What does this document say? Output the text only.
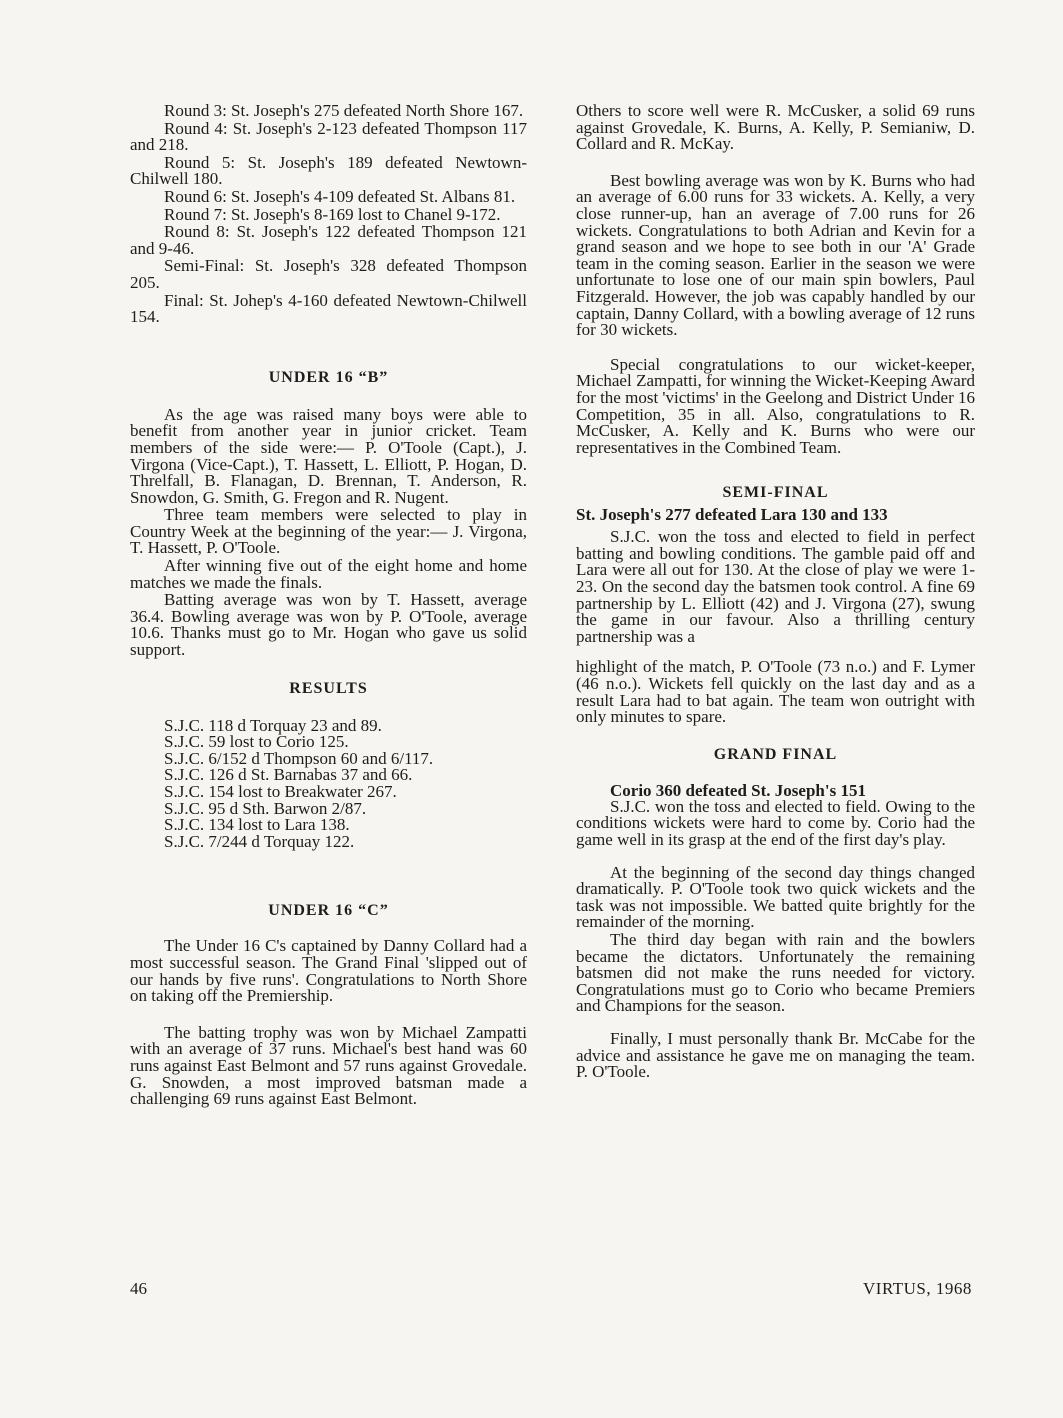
Round 3: St. Joseph's 275 defeated North Shore 167.

Round 4: St. Joseph's 2-123 defeated Thompson 117 and 218.

Round 5: St. Joseph's 189 defeated Newtown-Chilwell 180.

Round 6: St. Joseph's 4-109 defeated St. Albans 81.

Round 7: St. Joseph's 8-169 lost to Chanel 9-172.

Round 8: St. Joseph's 122 defeated Thompson 121 and 9-46.

Semi-Final: St. Joseph's 328 defeated Thompson 205.

Final: St. Johep's 4-160 defeated Newtown-Chilwell 154.

UNDER 16 “B”

As the age was raised many boys were able to benefit from another year in junior cricket. Team members of the side were:— P. O'Toole (Capt.), J. Virgona (Vice-Capt.), T. Hassett, L. Elliott, P. Hogan, D. Threlfall, B. Flanagan, D. Brennan, T. Anderson, R. Snowdon, G. Smith, G. Fregon and R. Nugent.

Three team members were selected to play in Country Week at the beginning of the year:— J. Virgona, T. Hassett, P. O'Toole.

After winning five out of the eight home and home matches we made the finals.

Batting average was won by T. Hassett, average 36.4. Bowling average was won by P. O'Toole, average 10.6. Thanks must go to Mr. Hogan who gave us solid support.

RESULTS
S.J.C. 118 d Torquay 23 and 89.
S.J.C. 59 lost to Corio 125.
S.J.C. 6/152 d Thompson 60 and 6/117.
S.J.C. 126 d St. Barnabas 37 and 66.
S.J.C. 154 lost to Breakwater 267.
S.J.C. 95 d Sth. Barwon 2/87.
S.J.C. 134 lost to Lara 138.
S.J.C. 7/244 d Torquay 122.
UNDER 16 “C”

The Under 16 C's captained by Danny Collard had a most successful season. The Grand Final 'slipped out of our hands by five runs'. Congratulations to North Shore on taking off the Premiership.

The batting trophy was won by Michael Zampatti with an average of 37 runs. Michael's best hand was 60 runs against East Belmont and 57 runs against Grovedale. G. Snowden, a most improved batsman made a challenging 69 runs against East Belmont.

Others to score well were R. McCusker, a solid 69 runs against Grovedale, K. Burns, A. Kelly, P. Semianiw, D. Collard and R. McKay.

Best bowling average was won by K. Burns who had an average of 6.00 runs for 33 wickets. A. Kelly, a very close runner-up, han an average of 7.00 runs for 26 wickets. Congratulations to both Adrian and Kevin for a grand season and we hope to see both in our 'A' Grade team in the coming season. Earlier in the season we were unfortunate to lose one of our main spin bowlers, Paul Fitzgerald. However, the job was capably handled by our captain, Danny Collard, with a bowling average of 12 runs for 30 wickets.

Special congratulations to our wicket-keeper, Michael Zampatti, for winning the Wicket-Keeping Award for the most 'victims' in the Geelong and District Under 16 Competition, 35 in all. Also, congratulations to R. McCusker, A. Kelly and K. Burns who were our representatives in the Combined Team.

SEMI-FINAL
St. Joseph's 277 defeated Lara 130 and 133

S.J.C. won the toss and elected to field in perfect batting and bowling conditions. The gamble paid off and Lara were all out for 130. At the close of play we were 1-23. On the second day the batsmen took control. A fine 69 partnership by L. Elliott (42) and J. Virgona (27), swung the game in our favour. Also a thrilling century partnership was a

highlight of the match, P. O'Toole (73 n.o.) and F. Lymer (46 n.o.). Wickets fell quickly on the last day and as a result Lara had to bat again. The team won outright with only minutes to spare.

GRAND FINAL
Corio 360 defeated St. Joseph's 151

S.J.C. won the toss and elected to field. Owing to the conditions wickets were hard to come by. Corio had the game well in its grasp at the end of the first day's play.

At the beginning of the second day things changed dramatically. P. O'Toole took two quick wickets and the task was not impossible. We batted quite brightly for the remainder of the morning.

The third day began with rain and the bowlers became the dictators. Unfortunately the remaining batsmen did not make the runs needed for victory. Congratulations must go to Corio who became Premiers and Champions for the season.

Finally, I must personally thank Br. McCabe for the advice and assistance he gave me on managing the team. P. O'Toole.

46	VIRTUS, 1968
